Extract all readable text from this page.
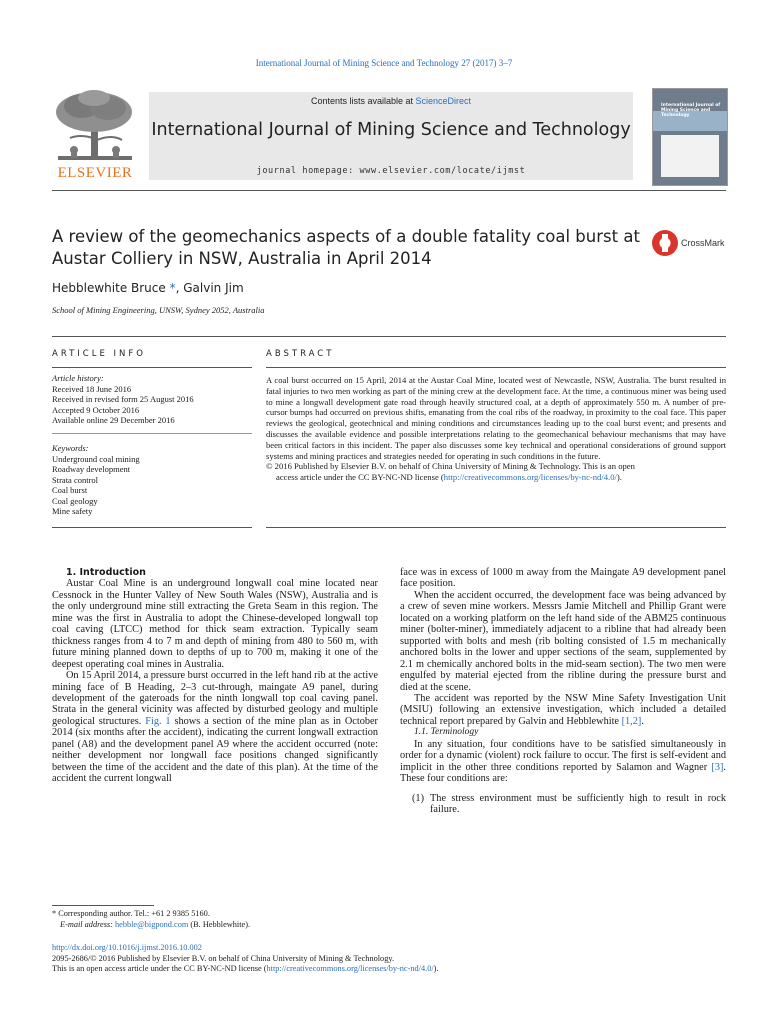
International Journal of Mining Science and Technology 27 (2017) 3–7
ELSEVIER
Contents lists available at ScienceDirect
International Journal of Mining Science and Technology
journal homepage: www.elsevier.com/locate/ijmst
International Journal of Mining Science and Technology
A review of the geomechanics aspects of a double fatality coal burst at Austar Colliery in NSW, Australia in April 2014
CrossMark
Hebblewhite Bruce *, Galvin Jim
School of Mining Engineering, UNSW, Sydney 2052, Australia
ARTICLE INFO	ABSTRACT
Article history:
Received 18 June 2016
Received in revised form 25 August 2016
Accepted 9 October 2016
Available online 29 December 2016
Keywords:
Underground coal mining
Roadway development
Strata control
Coal burst
Coal geology
Mine safety

A coal burst occurred on 15 April, 2014 at the Austar Coal Mine, located west of Newcastle, NSW, Australia. The burst resulted in fatal injuries to two men working as part of the mining crew at the development face. At the time, a continuous miner was being used to mine a longwall development gate road through heavily structured coal, at a depth of approximately 550 m. A number of pre-cursor bumps had occurred on previous shifts, emanating from the coal ribs of the roadway, in proximity to the coal face. This paper reviews the geological, geotechnical and mining conditions and circumstances leading up to the coal burst event; and presents and discusses the available evidence and possible interpretations relating to the geomechanical behaviour mechanisms that may have been critical factors in this incident. The paper also discusses some key technical and operational considerations of ground support systems and mining practices and strategies needed for operating in such conditions in the future.

© 2016 Published by Elsevier B.V. on behalf of China University of Mining & Technology. This is an open

access article under the CC BY-NC-ND license (http://creativecommons.org/licenses/by-nc-nd/4.0/).

1. Introduction

Austar Coal Mine is an underground longwall coal mine located near Cessnock in the Hunter Valley of New South Wales (NSW), Australia and is the only underground mine still extracting the Greta Seam in this region. The mine was the first in Australia to adopt the Chinese-developed longwall top coal caving (LTCC) method for thick seam extraction. Typically seam thickness ranges from 4 to 7 m and depth of mining from 480 to 560 m, with future mining planned down to depths of up to 700 m, making it one of the deepest operating coal mines in Australia.

On 15 April 2014, a pressure burst occurred in the left hand rib at the active mining face of B Heading, 2–3 cut-through, maingate A9 panel, during development of the gateroads for the ninth longwall top coal caving panel. Strata in the general vicinity was affected by disturbed geology and multiple geological structures. Fig. 1 shows a section of the mine plan as in October 2014 (six months after the accident), indicating the current longwall extraction panel (A8) and the development panel A9 where the accident occurred (note: neither development nor longwall face positions changed significantly between the time of the accident and the date of this plan). At the time of the accident the current longwall

face was in excess of 1000 m away from the Maingate A9 development panel face position.

When the accident occurred, the development face was being advanced by a crew of seven mine workers. Messrs Jamie Mitchell and Phillip Grant were located on a working platform on the left hand side of the ABM25 continuous miner (bolter-miner), immediately adjacent to a ribline that had already been supported with bolts and mesh (rib bolting consisted of 1.5 m mechanically anchored bolts in the lower and upper sections of the seam, supplemented by 2.1 m chemically anchored bolts in the mid-seam section). The two men were engulfed by material ejected from the ribline during the pressure burst and died at the scene.

The accident was reported by the NSW Mine Safety Investigation Unit (MSIU) following an extensive investigation, which included a detailed technical report prepared by Galvin and Hebblewhite [1,2].

1.1. Terminology

In any situation, four conditions have to be satisfied simultaneously in order for a dynamic (violent) rock failure to occur. The first is self-evident and implicit in the other three conditions reported by Salamon and Wagner [3]. These four conditions are:

(1) The stress environment must be sufficiently high to result in rock failure.
* Corresponding author. Tel.: +61 2 9385 5160.
E-mail address: hebble@bigpond.com (B. Hebblewhite).
http://dx.doi.org/10.1016/j.ijmst.2016.10.002
2095-2686/© 2016 Published by Elsevier B.V. on behalf of China University of Mining & Technology.
This is an open access article under the CC BY-NC-ND license (http://creativecommons.org/licenses/by-nc-nd/4.0/).
